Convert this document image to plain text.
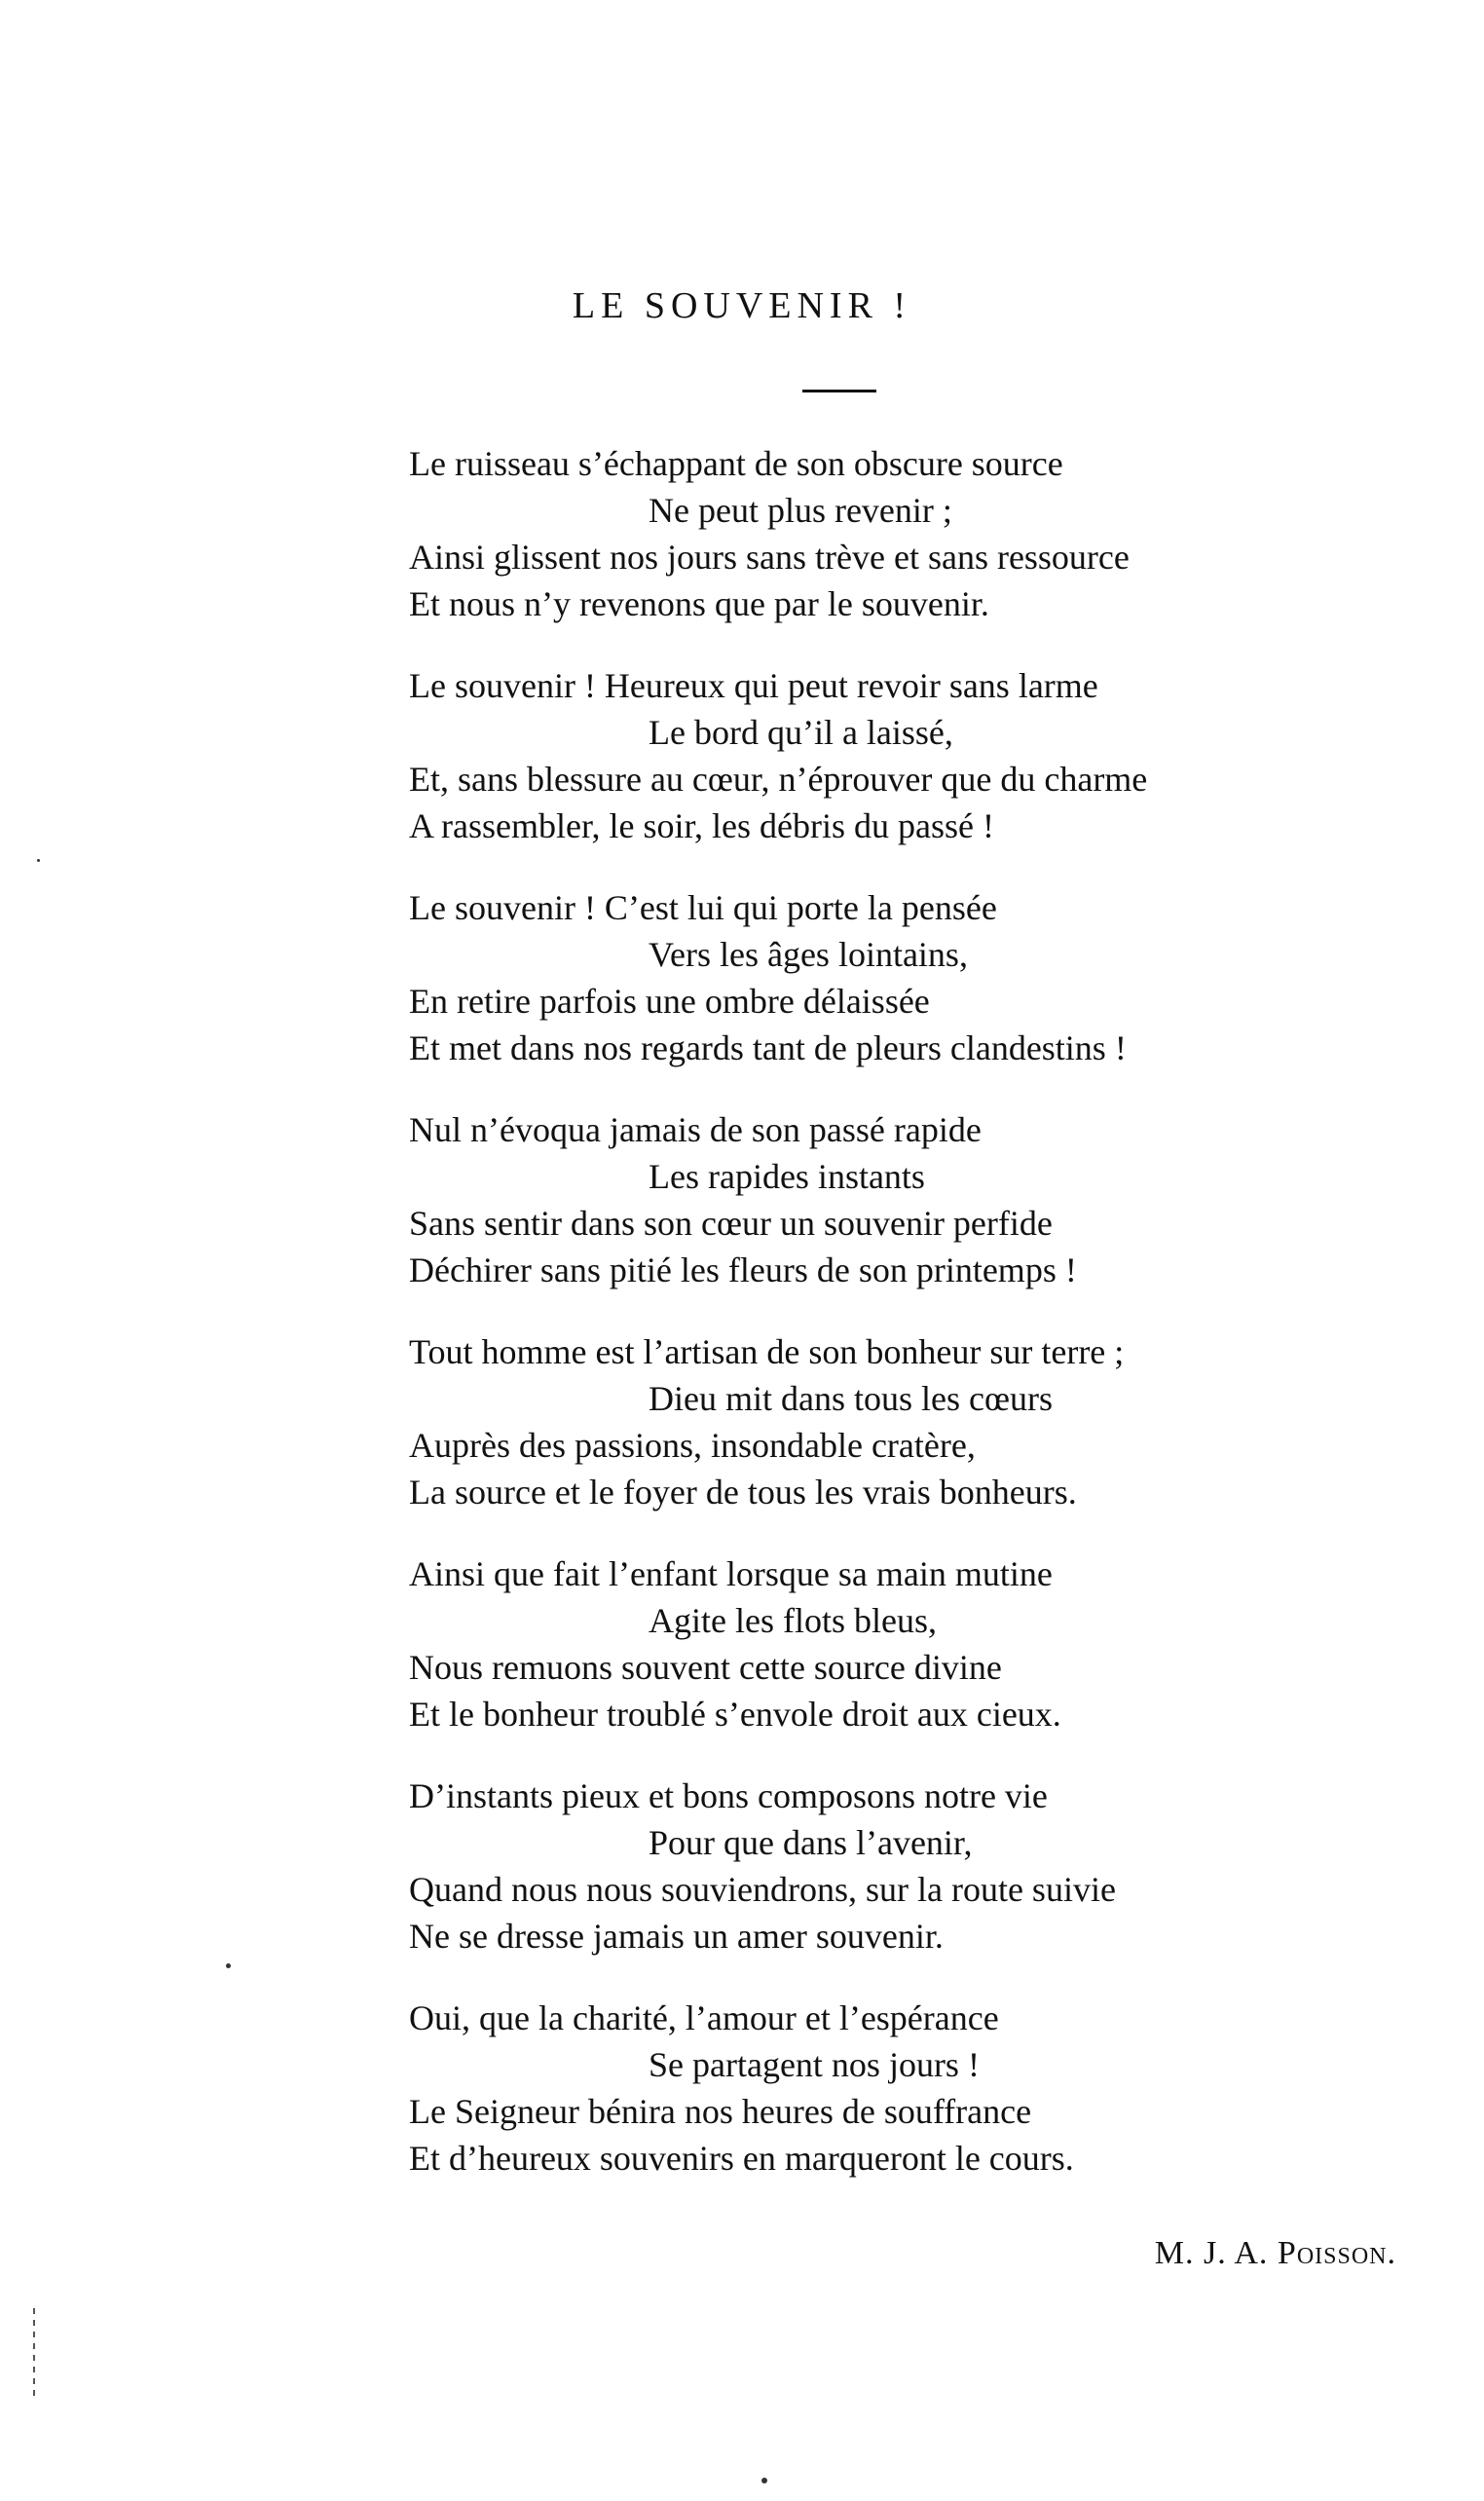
LE SOUVENIR !
Le ruisseau s’échappant de son obscure source
Ne peut plus revenir ;
Ainsi glissent nos jours sans trève et sans ressource
Et nous n’y revenons que par le souvenir.
Le souvenir ! Heureux qui peut revoir sans larme
Le bord qu’il a laissé,
Et, sans blessure au cœur, n’éprouver que du charme
A rassembler, le soir, les débris du passé !
Le souvenir ! C’est lui qui porte la pensée
Vers les âges lointains,
En retire parfois une ombre délaissée
Et met dans nos regards tant de pleurs clandestins !
Nul n’évoqua jamais de son passé rapide
Les rapides instants
Sans sentir dans son cœur un souvenir perfide
Déchirer sans pitié les fleurs de son printemps !
Tout homme est l’artisan de son bonheur sur terre ;
Dieu mit dans tous les cœurs
Auprès des passions, insondable cratère,
La source et le foyer de tous les vrais bonheurs.
Ainsi que fait l’enfant lorsque sa main mutine
Agite les flots bleus,
Nous remuons souvent cette source divine
Et le bonheur troublé s’envole droit aux cieux.
D’instants pieux et bons composons notre vie
Pour que dans l’avenir,
Quand nous nous souviendrons, sur la route suivie
Ne se dresse jamais un amer souvenir.
Oui, que la charité, l’amour et l’espérance
Se partagent nos jours !
Le Seigneur bénira nos heures de souffrance
Et d’heureux souvenirs en marqueront le cours.
M. J. A. Poisson.
